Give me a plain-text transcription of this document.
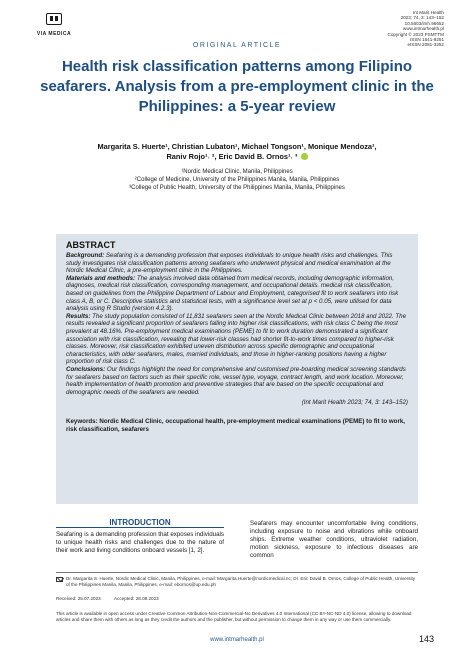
VIA MEDICA
Int Marit Health
2023; 74, 3: 143–152
10.5603/imh.96652
www.intmarhealth.pl
Copyright © 2023 PSMTTM
ISSN 1641-9251
eISSN 2081-3252
ORIGINAL ARTICLE
Health risk classification patterns among Filipino seafarers. Analysis from a pre-employment clinic in the Philippines: a 5-year review
Margarita S. Huerte¹, Christian Lubaton¹, Michael Tongson¹, Monique Mendoza¹,
Raniv Rojo¹˒ ², Eric David B. Ornos¹˒ ³
¹Nordic Medical Clinic, Manila, Philippines
²College of Medicine, University of the Philippines Manila, Manila, Philippines
³College of Public Health, University of the Philippines Manila, Manila, Philippines
ABSTRACT
Background: Seafaring is a demanding profession that exposes individuals to unique health risks and challenges. This study investigates risk classification patterns among seafarers who underwent physical and medical examination at the Nordic Medical Clinic, a pre-employment clinic in the Philippines.
Materials and methods: The analysis involved data obtained from medical records, including demographic information, diagnoses, medical risk classification, corresponding management, and occupational details. medical risk classification, based on guidelines from the Philippine Department of Labour and Employment, categorised fit to work seafarers into risk class A, B, or C. Descriptive statistics and statistical tests, with a significance level set at p < 0.05, were utilised for data analysis using R Studio (version 4.2.3).
Results: The study population consisted of 11,831 seafarers seen at the Nordic Medical Clinic between 2018 and 2022. The results revealed a significant proportion of seafarers falling into higher risk classifications, with risk class C being the most prevalent at 48.16%. Pre-employment medical examinations (PEME) to fit to work duration demonstrated a significant association with risk classification, revealing that lower-risk classes had shorter fit-to-work times compared to higher-risk classes. Moreover, risk classification exhibited uneven distribution across specific demographic and occupational characteristics, with older seafarers, males, married individuals, and those in higher-ranking positions having a higher proportion of risk class C.
Conclusions: Our findings highlight the need for comprehensive and customised pre-boarding medical screening standards for seafarers based on factors such as their specific role, vessel type, voyage, contract length, and work location. Moreover, health implementation of health promotion and preventive strategies that are based on the specific occupational and demographic needs of the seafarers are needed.
(Int Marit Health 2023; 74, 3: 143–152)
Keywords: Nordic Medical Clinic, occupational health, pre-employment medical examinations (PEME) to fit to work, risk classification, seafarers
INTRODUCTION
Seafaring is a demanding profession that exposes individuals to unique health risks and challenges due to the nature of their work and living conditions onboard vessels [1, 2].
Seafarers may encounter uncomfortable living conditions, including exposure to noise and vibrations while onboard ships. Extreme weather conditions, ultraviolet radiation, motion sickness, exposure to infectious diseases are common
Dr. Margarita S. Huerte, Nordic Medical Clinic, Manila, Philippines, e-mail: Margarita.Huerte@nordicmedical.nc; Dr. Eric David B. Ornos, College of Public Health, University of the Philippines Manila, Manila, Philippines, e-mail: ebornos@up.edu.ph
Received: 25.07.2023	Accepted: 28.08.2023
This article is available in open access under Creative Common Attribution-Non-Commercial-No Derivatives 4.0 International (CC BY-NC-ND 4.0) license, allowing to download articles and share them with others as long as they credit the authors and the publisher, but without permission to change them in any way or use them commercially.
www.intmarhealth.pl	143
